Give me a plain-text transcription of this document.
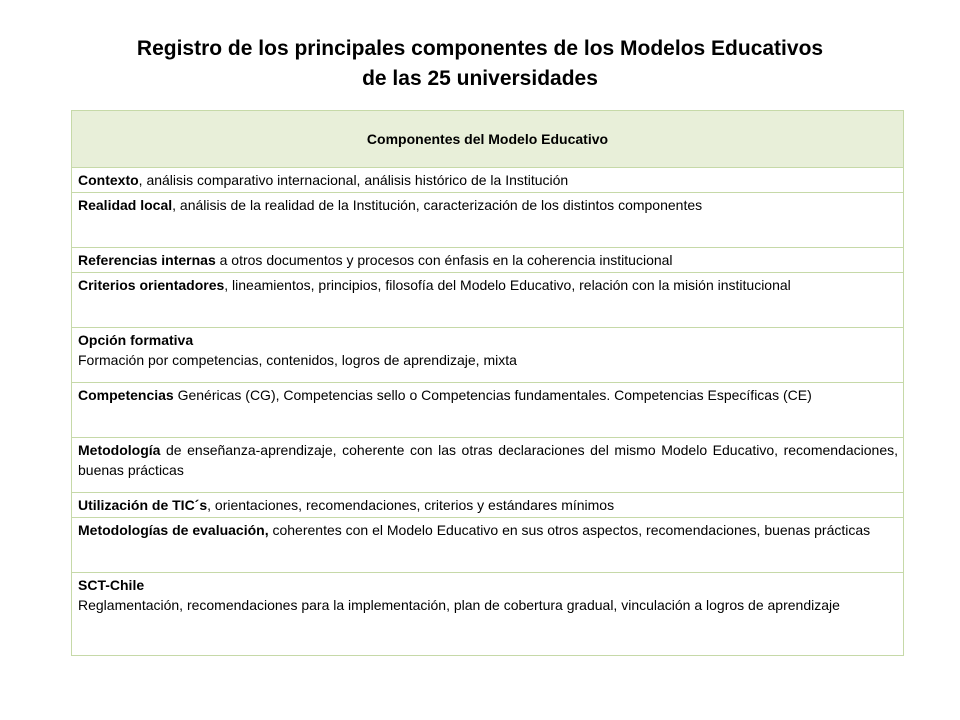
Registro de los principales componentes de los Modelos Educativos
de las 25 universidades
Componentes del Modelo Educativo
Contexto, análisis comparativo internacional, análisis histórico de la Institución
Realidad local, análisis de la realidad de la Institución, caracterización de los distintos componentes
Referencias internas a otros documentos y procesos con énfasis en la coherencia institucional
Criterios orientadores, lineamientos, principios, filosofía del Modelo Educativo, relación con la misión institucional
Opción formativa
Formación por competencias, contenidos, logros de aprendizaje, mixta
Competencias Genéricas (CG), Competencias sello o Competencias fundamentales. Competencias Específicas (CE)
Metodología de enseñanza-aprendizaje, coherente con las otras declaraciones del mismo Modelo Educativo, recomendaciones, buenas prácticas
Utilización de TIC´s, orientaciones, recomendaciones, criterios y estándares mínimos
Metodologías de evaluación, coherentes con el Modelo Educativo en sus otros aspectos, recomendaciones, buenas prácticas
SCT-Chile
Reglamentación, recomendaciones para la implementación, plan de cobertura gradual, vinculación a logros de aprendizaje
